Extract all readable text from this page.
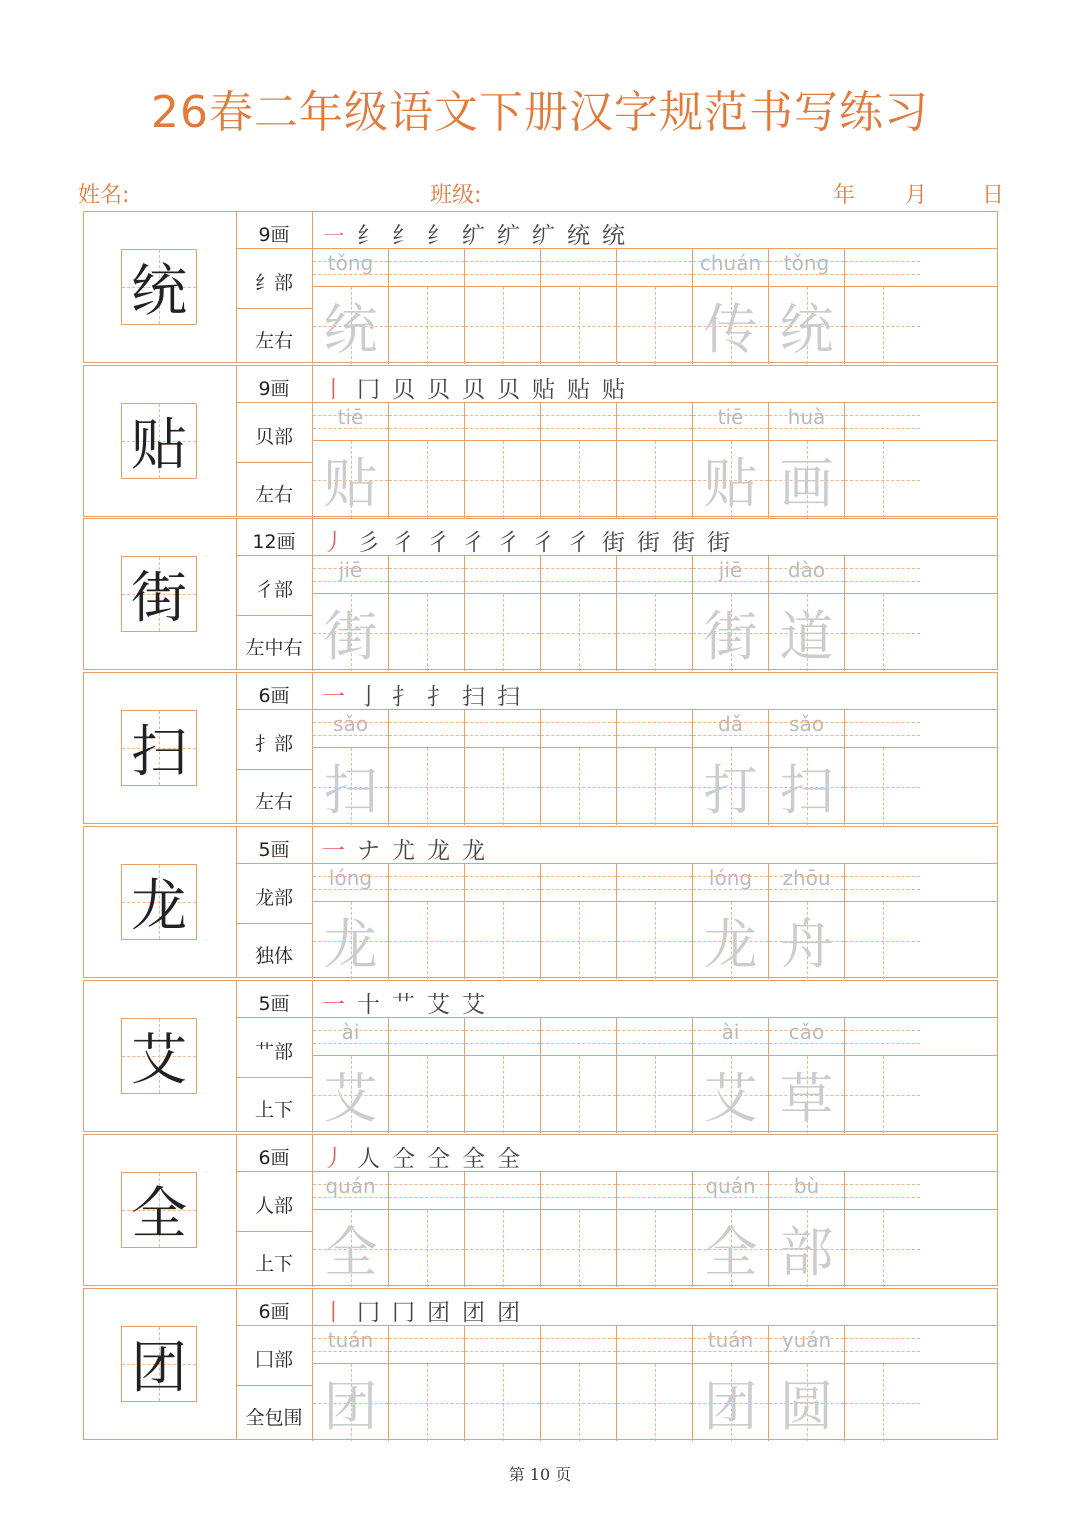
26春二年级语文下册汉字规范书写练习
姓名:	班级:	年 月 日
统
9画
纟部
左右
㇐ 纟 纟 纟 纩 纩 纩 统 统
tǒng
统
chuán
传
tǒng
统
贴
9画
贝部
左右
丨 冂 贝 贝 贝 贝 贴 贴 贴
tiē
贴
tiē
贴
huà
画
街
12画
彳部
左中右
丿 彡 彳 彳 彳 彳 彳 彳 街 街 街 街
jiē
街
jiē
街
dào
道
扫
6画
扌部
左右
一 亅 扌 扌 扫 扫
sǎo
扫
dǎ
打
sǎo
扫
龙
5画
龙部
独体
一 ナ 尤 龙 龙
lóng
龙
lóng
龙
zhōu
舟
艾
5画
艹部
上下
一 十 艹 艾 艾
ài
艾
ài
艾
cǎo
草
全
6画
人部
上下
丿 人 仝 仝 全 全
quán
全
quán
全
bù
部
团
6画
囗部
全包围
丨 冂 冂 团 团 团
tuán
团
tuán
团
yuán
圆
第 10 页
